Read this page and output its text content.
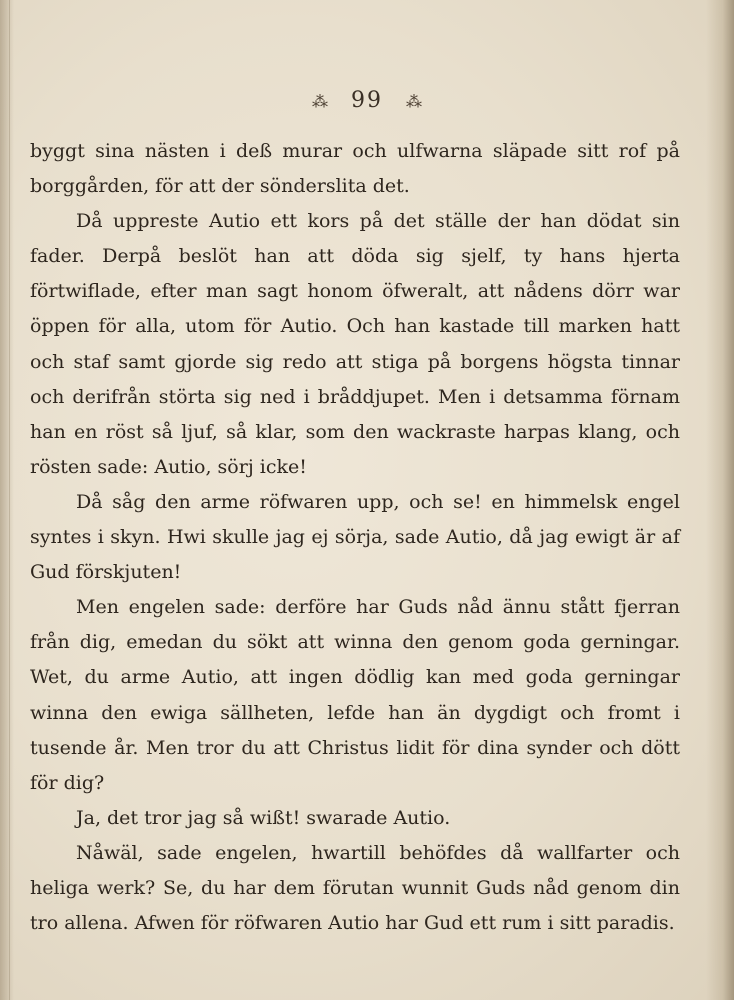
⁂ 99 ⁂

byggt sina nästen i deß murar och ulfwarna släpade sitt rof på borggården, för att der sönderslita det.

Då uppreste Autio ett kors på det ställe der han dödat sin fader. Derpå beslöt han att döda sig sjelf, ty hans hjerta förtwiflade, efter man sagt honom öfweralt, att nådens dörr war öppen för alla, utom för Autio. Och han kastade till marken hatt och staf samt gjorde sig redo att stiga på borgens högsta tinnar och derifrån störta sig ned i bråddjupet. Men i detsamma förnam han en röst så ljuf, så klar, som den wackraste harpas klang, och rösten sade: Autio, sörj icke!

Då såg den arme röfwaren upp, och se! en himmelsk engel syntes i skyn. Hwi skulle jag ej sörja, sade Autio, då jag ewigt är af Gud förskjuten!

Men engelen sade: derföre har Guds nåd ännu stått fjerran från dig, emedan du sökt att winna den genom goda gerningar. Wet, du arme Autio, att ingen dödlig kan med goda gerningar winna den ewiga sällheten, lefde han än dygdigt och fromt i tusende år. Men tror du att Christus lidit för dina synder och dött för dig?

Ja, det tror jag så wißt! swarade Autio.

Nåwäl, sade engelen, hwartill behöfdes då wallfarter och heliga werk? Se, du har dem förutan wunnit Guds nåd genom din tro allena. Afwen för röfwaren Autio har Gud ett rum i sitt paradis.
